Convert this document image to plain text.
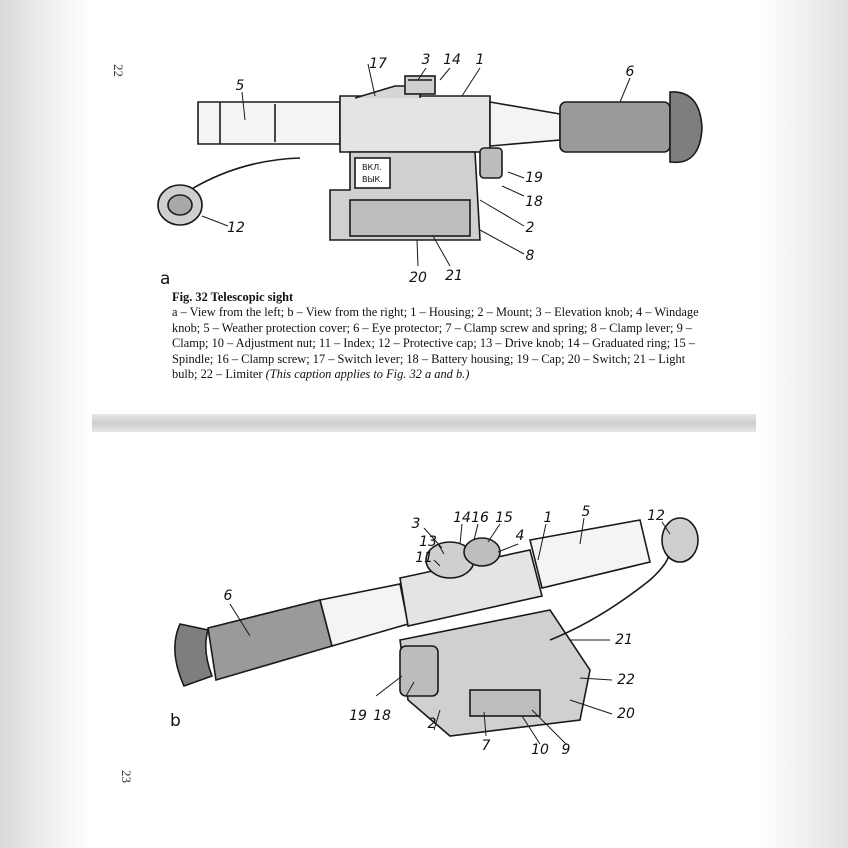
22
23
17 3 14 1
5
6
19
18
2
8
12
20 21
ВКЛ.
ВЫК.
a
Fig. 32 Telescopic sight
a – View from the left; b – View from the right; 1 – Housing; 2 – Mount; 3 – Elevation knob; 4 – Windage knob; 5 – Weather protection cover; 6 – Eye protector; 7 – Clamp screw and spring; 8 – Clamp lever; 9 – Clamp; 10 – Adjustment nut; 11 – Index; 12 – Protective cap; 13 – Drive knob; 14 – Graduated ring; 15 – Spindle; 16 – Clamp screw; 17 – Switch lever; 18 – Battery housing; 19 – Cap; 20 – Switch; 21 – Light bulb; 22 – Limiter (This caption applies to Fig. 32 a and b.)
3
13
11
14 16 15
4
1 5	12
6
21
22
20
19 18	2
7	10 9
b
